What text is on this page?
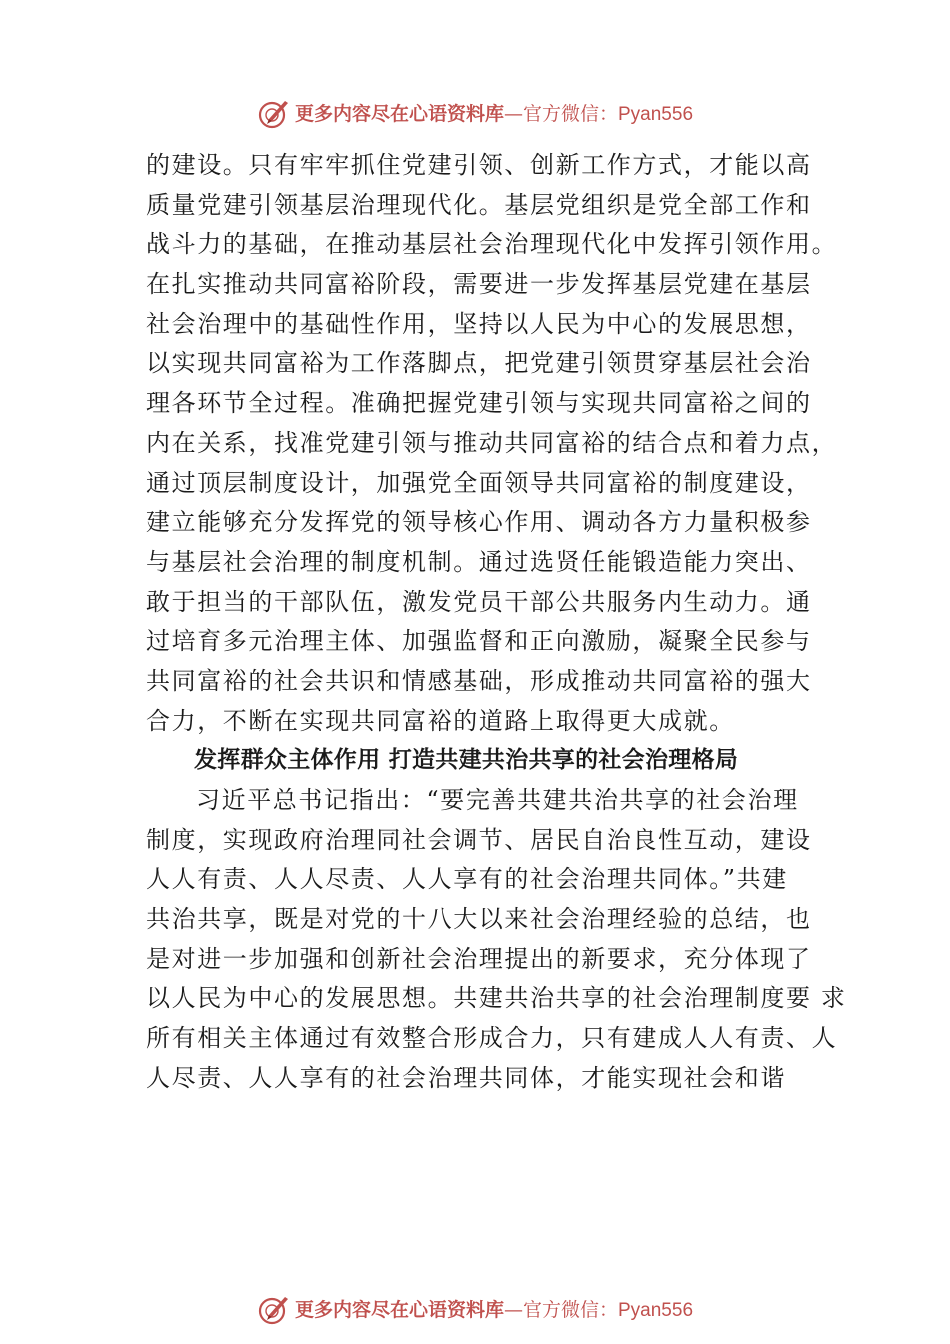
更多内容尽在心语资料库—官方微信：Pyan556
的建设。只有牢牢抓住党建引领、创新工作方式，才能以高
质量党建引领基层治理现代化。基层党组织是党全部工作和
战斗力的基础，在推动基层社会治理现代化中发挥引领作用。
在扎实推动共同富裕阶段，需要进一步发挥基层党建在基层
社会治理中的基础性作用，坚持以人民为中心的发展思想，
以实现共同富裕为工作落脚点，把党建引领贯穿基层社会治
理各环节全过程。准确把握党建引领与实现共同富裕之间的
内在关系，找准党建引领与推动共同富裕的结合点和着力点，
通过顶层制度设计，加强党全面领导共同富裕的制度建设，
建立能够充分发挥党的领导核心作用、调动各方力量积极参
与基层社会治理的制度机制。通过选贤任能锻造能力突出、
敢于担当的干部队伍，激发党员干部公共服务内生动力。通
过培育多元治理主体、加强监督和正向激励，凝聚全民参与
共同富裕的社会共识和情感基础，形成推动共同富裕的强大
合力，不断在实现共同富裕的道路上取得更大成就。
发挥群众主体作用 打造共建共治共享的社会治理格局
习近平总书记指出：“要完善共建共治共享的社会治理
制度，实现政府治理同社会调节、居民自治良性互动，建设
人人有责、人人尽责、人人享有的社会治理共同体。”共建
共治共享，既是对党的十八大以来社会治理经验的总结，也
是对进一步加强和创新社会治理提出的新要求，充分体现了
以人民为中心的发展思想。共建共治共享的社会治理制度要 求
所有相关主体通过有效整合形成合力，只有建成人人有责、人
人尽责、人人享有的社会治理共同体，才能实现社会和谐
更多内容尽在心语资料库—官方微信：Pyan556
